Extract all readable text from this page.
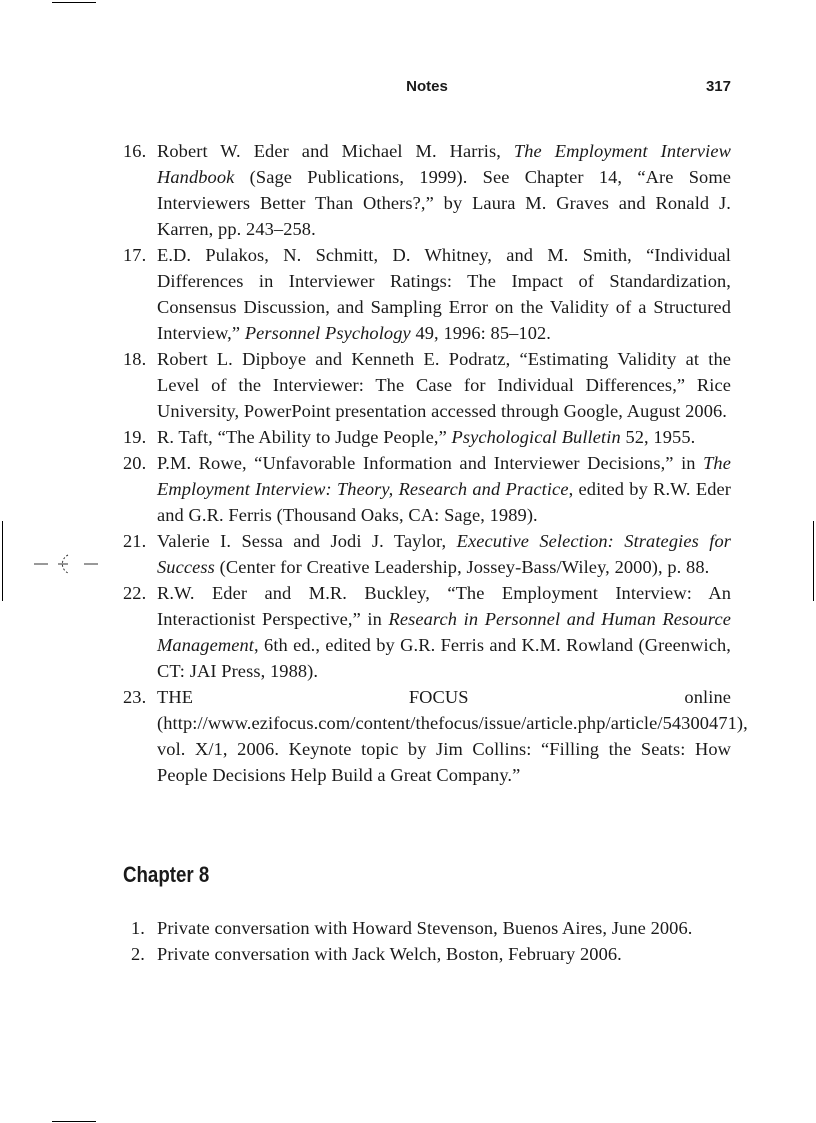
Notes	317
16. Robert W. Eder and Michael M. Harris, The Employment Interview Handbook (Sage Publications, 1999). See Chapter 14, “Are Some Interviewers Better Than Others?,” by Laura M. Graves and Ronald J. Karren, pp. 243–258.
17. E.D. Pulakos, N. Schmitt, D. Whitney, and M. Smith, “Individual Differences in Interviewer Ratings: The Impact of Standardization, Consensus Discussion, and Sampling Error on the Validity of a Structured Interview,” Personnel Psychology 49, 1996: 85–102.
18. Robert L. Dipboye and Kenneth E. Podratz, “Estimating Validity at the Level of the Interviewer: The Case for Individual Differences,” Rice University, PowerPoint presentation accessed through Google, August 2006.
19. R. Taft, “The Ability to Judge People,” Psychological Bulletin 52, 1955.
20. P.M. Rowe, “Unfavorable Information and Interviewer Decisions,” in The Employment Interview: Theory, Research and Practice, edited by R.W. Eder and G.R. Ferris (Thousand Oaks, CA: Sage, 1989).
21. Valerie I. Sessa and Jodi J. Taylor, Executive Selection: Strategies for Success (Center for Creative Leadership, Jossey-Bass/Wiley, 2000), p. 88.
22. R.W. Eder and M.R. Buckley, “The Employment Interview: An Interactionist Perspective,” in Research in Personnel and Human Resource Management, 6th ed., edited by G.R. Ferris and K.M. Rowland (Greenwich, CT: JAI Press, 1988).
23. THE FOCUS online (http://www.ezifocus.com/content/thefocus/issue/article.php/article/54300471), vol. X/1, 2006. Keynote topic by Jim Collins: “Filling the Seats: How People Decisions Help Build a Great Company.”
Chapter 8
1. Private conversation with Howard Stevenson, Buenos Aires, June 2006.
2. Private conversation with Jack Welch, Boston, February 2006.
